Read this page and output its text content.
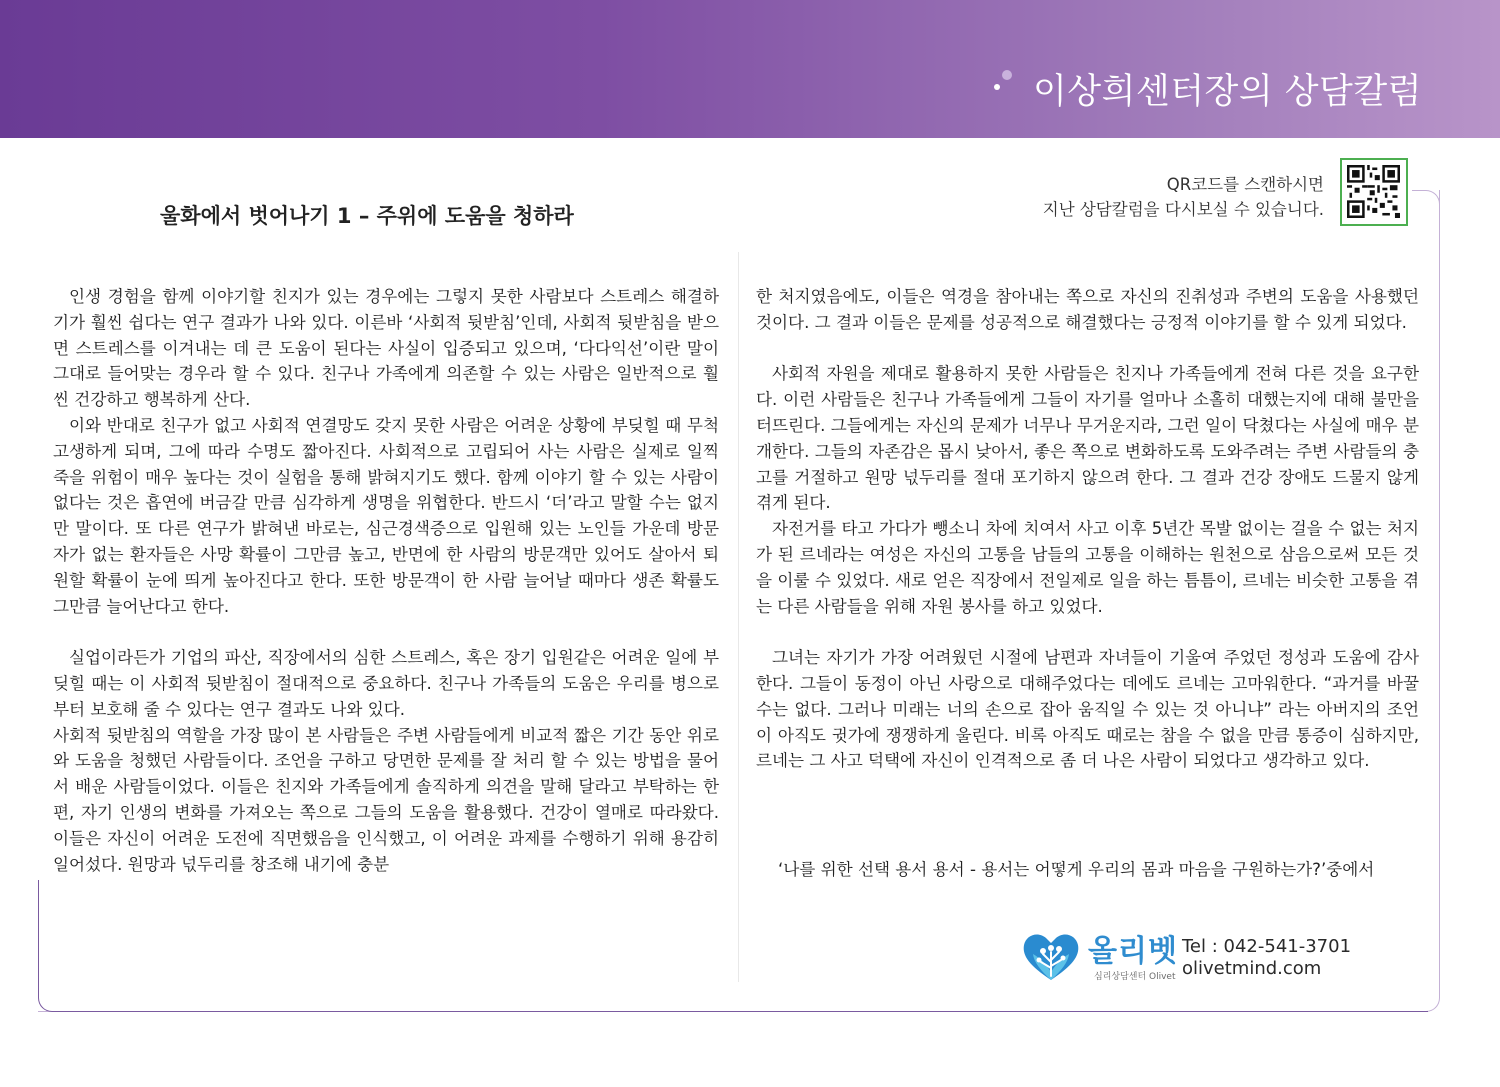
이상희센터장의 상담칼럼
울화에서 벗어나기 1 – 주위에 도움을 청하라
QR코드를 스캔하시면
지난 상담칼럼을 다시보실 수 있습니다.

인생 경험을 함께 이야기할 친지가 있는 경우에는 그렇지 못한 사람보다 스트레스 해결하기가 훨씬 쉽다는 연구 결과가 나와 있다. 이른바 ‘사회적 뒷받침’인데, 사회적 뒷받침을 받으면 스트레스를 이겨내는 데 큰 도움이 된다는 사실이 입증되고 있으며, ‘다다익선’이란 말이 그대로 들어맞는 경우라 할 수 있다. 친구나 가족에게 의존할 수 있는 사람은 일반적으로 훨씬 건강하고 행복하게 산다.

이와 반대로 친구가 없고 사회적 연결망도 갖지 못한 사람은 어려운 상황에 부딪힐 때 무척 고생하게 되며, 그에 따라 수명도 짧아진다. 사회적으로 고립되어 사는 사람은 실제로 일찍 죽을 위험이 매우 높다는 것이 실험을 통해 밝혀지기도 했다. 함께 이야기 할 수 있는 사람이 없다는 것은 흡연에 버금갈 만큼 심각하게 생명을 위협한다. 반드시 ‘더’라고 말할 수는 없지만 말이다. 또 다른 연구가 밝혀낸 바로는, 심근경색증으로 입원해 있는 노인들 가운데 방문자가 없는 환자들은 사망 확률이 그만큼 높고, 반면에 한 사람의 방문객만 있어도 살아서 퇴원할 확률이 눈에 띄게 높아진다고 한다. 또한 방문객이 한 사람 늘어날 때마다 생존 확률도 그만큼 늘어난다고 한다.

실업이라든가 기업의 파산, 직장에서의 심한 스트레스, 혹은 장기 입원같은 어려운 일에 부딪힐 때는 이 사회적 뒷받침이 절대적으로 중요하다. 친구나 가족들의 도움은 우리를 병으로부터 보호해 줄 수 있다는 연구 결과도 나와 있다.

사회적 뒷받침의 역할을 가장 많이 본 사람들은 주변 사람들에게 비교적 짧은 기간 동안 위로와 도움을 청했던 사람들이다. 조언을 구하고 당면한 문제를 잘 처리 할 수 있는 방법을 물어서 배운 사람들이었다. 이들은 친지와 가족들에게 솔직하게 의견을 말해 달라고 부탁하는 한편, 자기 인생의 변화를 가져오는 쪽으로 그들의 도움을 활용했다. 건강이 열매로 따라왔다. 이들은 자신이 어려운 도전에 직면했음을 인식했고, 이 어려운 과제를 수행하기 위해 용감히 일어섰다. 원망과 넋두리를 창조해 내기에 충분

한 처지였음에도, 이들은 역경을 참아내는 쪽으로 자신의 진취성과 주변의 도움을 사용했던 것이다. 그 결과 이들은 문제를 성공적으로 해결했다는 긍정적 이야기를 할 수 있게 되었다.

사회적 자원을 제대로 활용하지 못한 사람들은 친지나 가족들에게 전혀 다른 것을 요구한다. 이런 사람들은 친구나 가족들에게 그들이 자기를 얼마나 소홀히 대했는지에 대해 불만을 터뜨린다. 그들에게는 자신의 문제가 너무나 무거운지라, 그런 일이 닥쳤다는 사실에 매우 분개한다. 그들의 자존감은 몹시 낮아서, 좋은 쪽으로 변화하도록 도와주려는 주변 사람들의 충고를 거절하고 원망 넋두리를 절대 포기하지 않으려 한다. 그 결과 건강 장애도 드물지 않게 겪게 된다.

자전거를 타고 가다가 뺑소니 차에 치여서 사고 이후 5년간 목발 없이는 걸을 수 없는 처지가 된 르네라는 여성은 자신의 고통을 남들의 고통을 이해하는 원천으로 삼음으로써 모든 것을 이룰 수 있었다. 새로 얻은 직장에서 전일제로 일을 하는 틈틈이, 르네는 비슷한 고통을 겪는 다른 사람들을 위해 자원 봉사를 하고 있었다.

그녀는 자기가 가장 어려웠던 시절에 남편과 자녀들이 기울여 주었던 정성과 도움에 감사한다. 그들이 동정이 아닌 사랑으로 대해주었다는 데에도 르네는 고마워한다. “과거를 바꿀 수는 없다. 그러나 미래는 너의 손으로 잡아 움직일 수 있는 것 아니냐” 라는 아버지의 조언이 아직도 귓가에 쟁쟁하게 울린다. 비록 아직도 때로는 참을 수 없을 만큼 통증이 심하지만, 르네는 그 사고 덕택에 자신이 인격적으로 좀 더 나은 사람이 되었다고 생각하고 있다.

‘나를 위한 선택 용서 용서 - 용서는 어떻게 우리의 몸과 마음을 구원하는가?’중에서
올리벳
심리상담센터 Olivet
Tel : 042-541-3701
olivetmind.com
